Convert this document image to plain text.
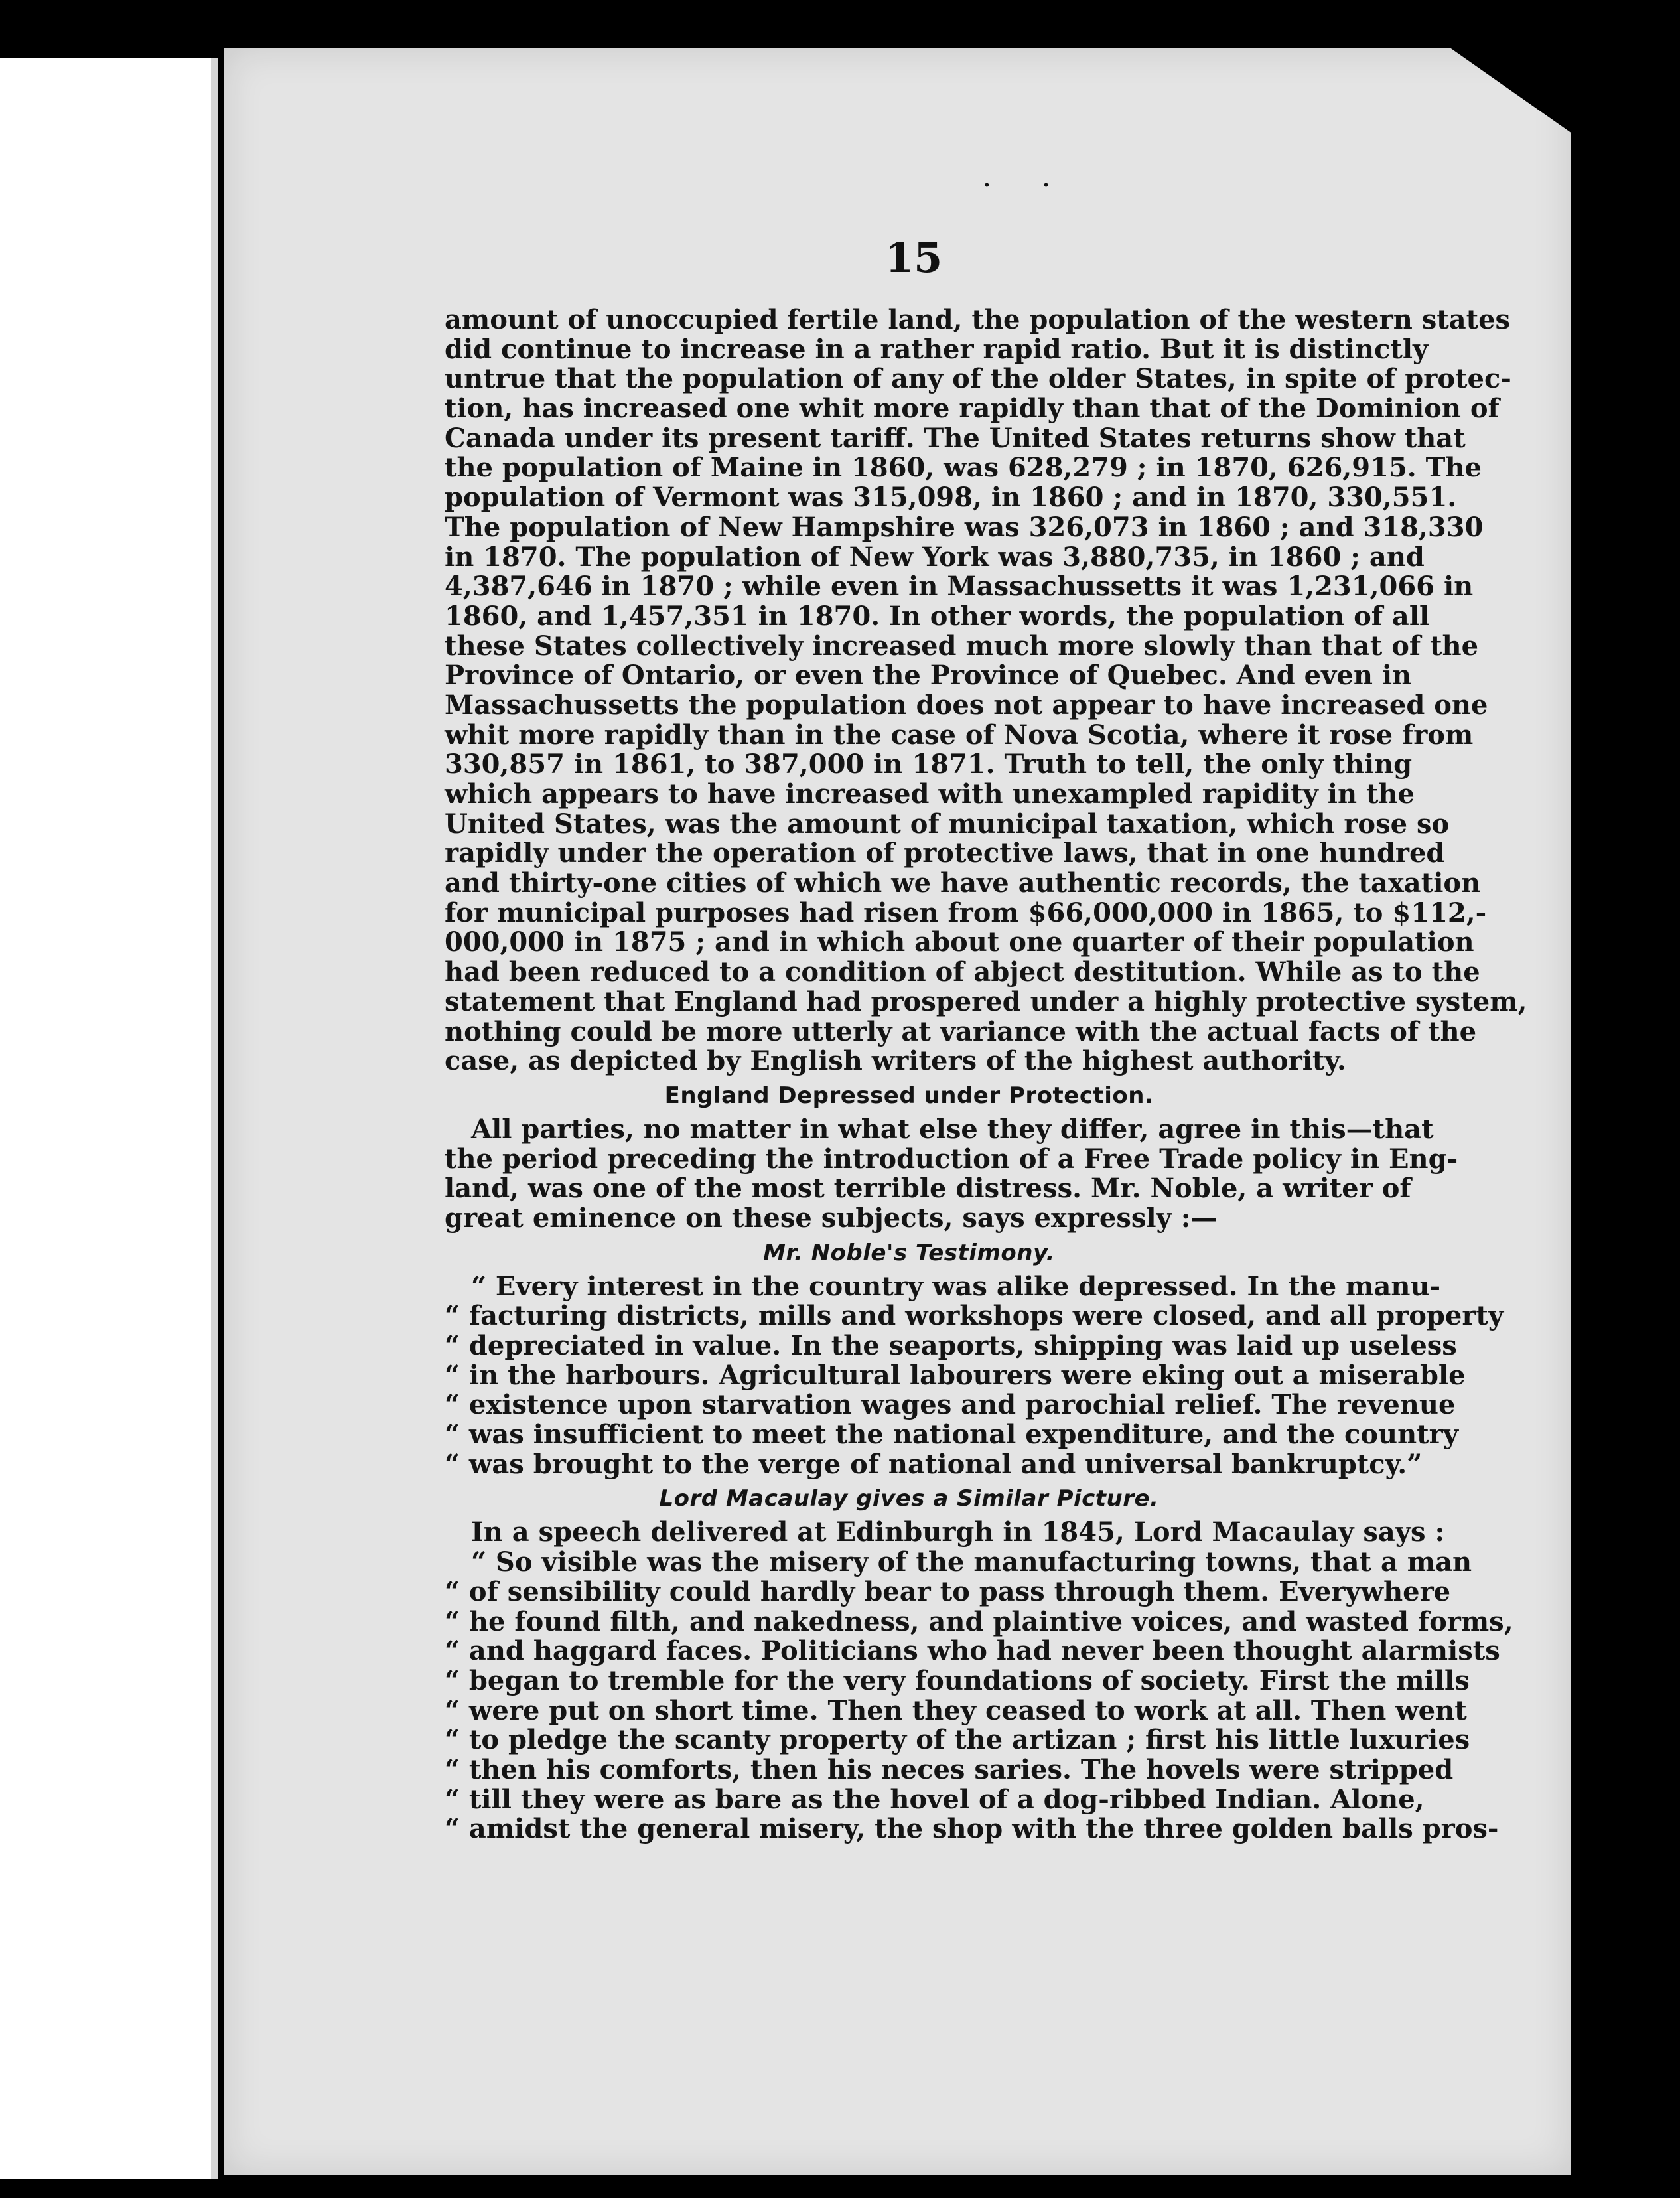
. .
15
amount of unoccupied fertile land, the population of the western states
did continue to increase in a rather rapid ratio. But it is distinctly
untrue that the population of any of the older States, in spite of protec-
tion, has increased one whit more rapidly than that of the Dominion of
Canada under its present tariff. The United States returns show that
the population of Maine in 1860, was 628,279 ; in 1870, 626,915. The
population of Vermont was 315,098, in 1860 ; and in 1870, 330,551.
The population of New Hampshire was 326,073 in 1860 ; and 318,330
in 1870. The population of New York was 3,880,735, in 1860 ; and
4,387,646 in 1870 ; while even in Massachussetts it was 1,231,066 in
1860, and 1,457,351 in 1870. In other words, the population of all
these States collectively increased much more slowly than that of the
Province of Ontario, or even the Province of Quebec. And even in
Massachussetts the population does not appear to have increased one
whit more rapidly than in the case of Nova Scotia, where it rose from
330,857 in 1861, to 387,000 in 1871. Truth to tell, the only thing
which appears to have increased with unexampled rapidity in the
United States, was the amount of municipal taxation, which rose so
rapidly under the operation of protective laws, that in one hundred
and thirty-one cities of which we have authentic records, the taxation
for municipal purposes had risen from $66,000,000 in 1865, to $112,-
000,000 in 1875 ; and in which about one quarter of their population
had been reduced to a condition of abject destitution. While as to the
statement that England had prospered under a highly protective system,
nothing could be more utterly at variance with the actual facts of the
case, as depicted by English writers of the highest authority.
England Depressed under Protection.
All parties, no matter in what else they differ, agree in this—that
the period preceding the introduction of a Free Trade policy in Eng-
land, was one of the most terrible distress. Mr. Noble, a writer of
great eminence on these subjects, says expressly :—
Mr. Noble's Testimony.
“ Every interest in the country was alike depressed. In the manu-
“ facturing districts, mills and workshops were closed, and all property
“ depreciated in value. In the seaports, shipping was laid up useless
“ in the harbours. Agricultural labourers were eking out a miserable
“ existence upon starvation wages and parochial relief. The revenue
“ was insufficient to meet the national expenditure, and the country
“ was brought to the verge of national and universal bankruptcy.”
Lord Macaulay gives a Similar Picture.
In a speech delivered at Edinburgh in 1845, Lord Macaulay says :
“ So visible was the misery of the manufacturing towns, that a man
“ of sensibility could hardly bear to pass through them. Everywhere
“ he found filth, and nakedness, and plaintive voices, and wasted forms,
“ and haggard faces. Politicians who had never been thought alarmists
“ began to tremble for the very foundations of society. First the mills
“ were put on short time. Then they ceased to work at all. Then went
“ to pledge the scanty property of the artizan ; first his little luxuries
“ then his comforts, then his neces saries. The hovels were stripped
“ till they were as bare as the hovel of a dog-ribbed Indian. Alone,
“ amidst the general misery, the shop with the three golden balls pros-
